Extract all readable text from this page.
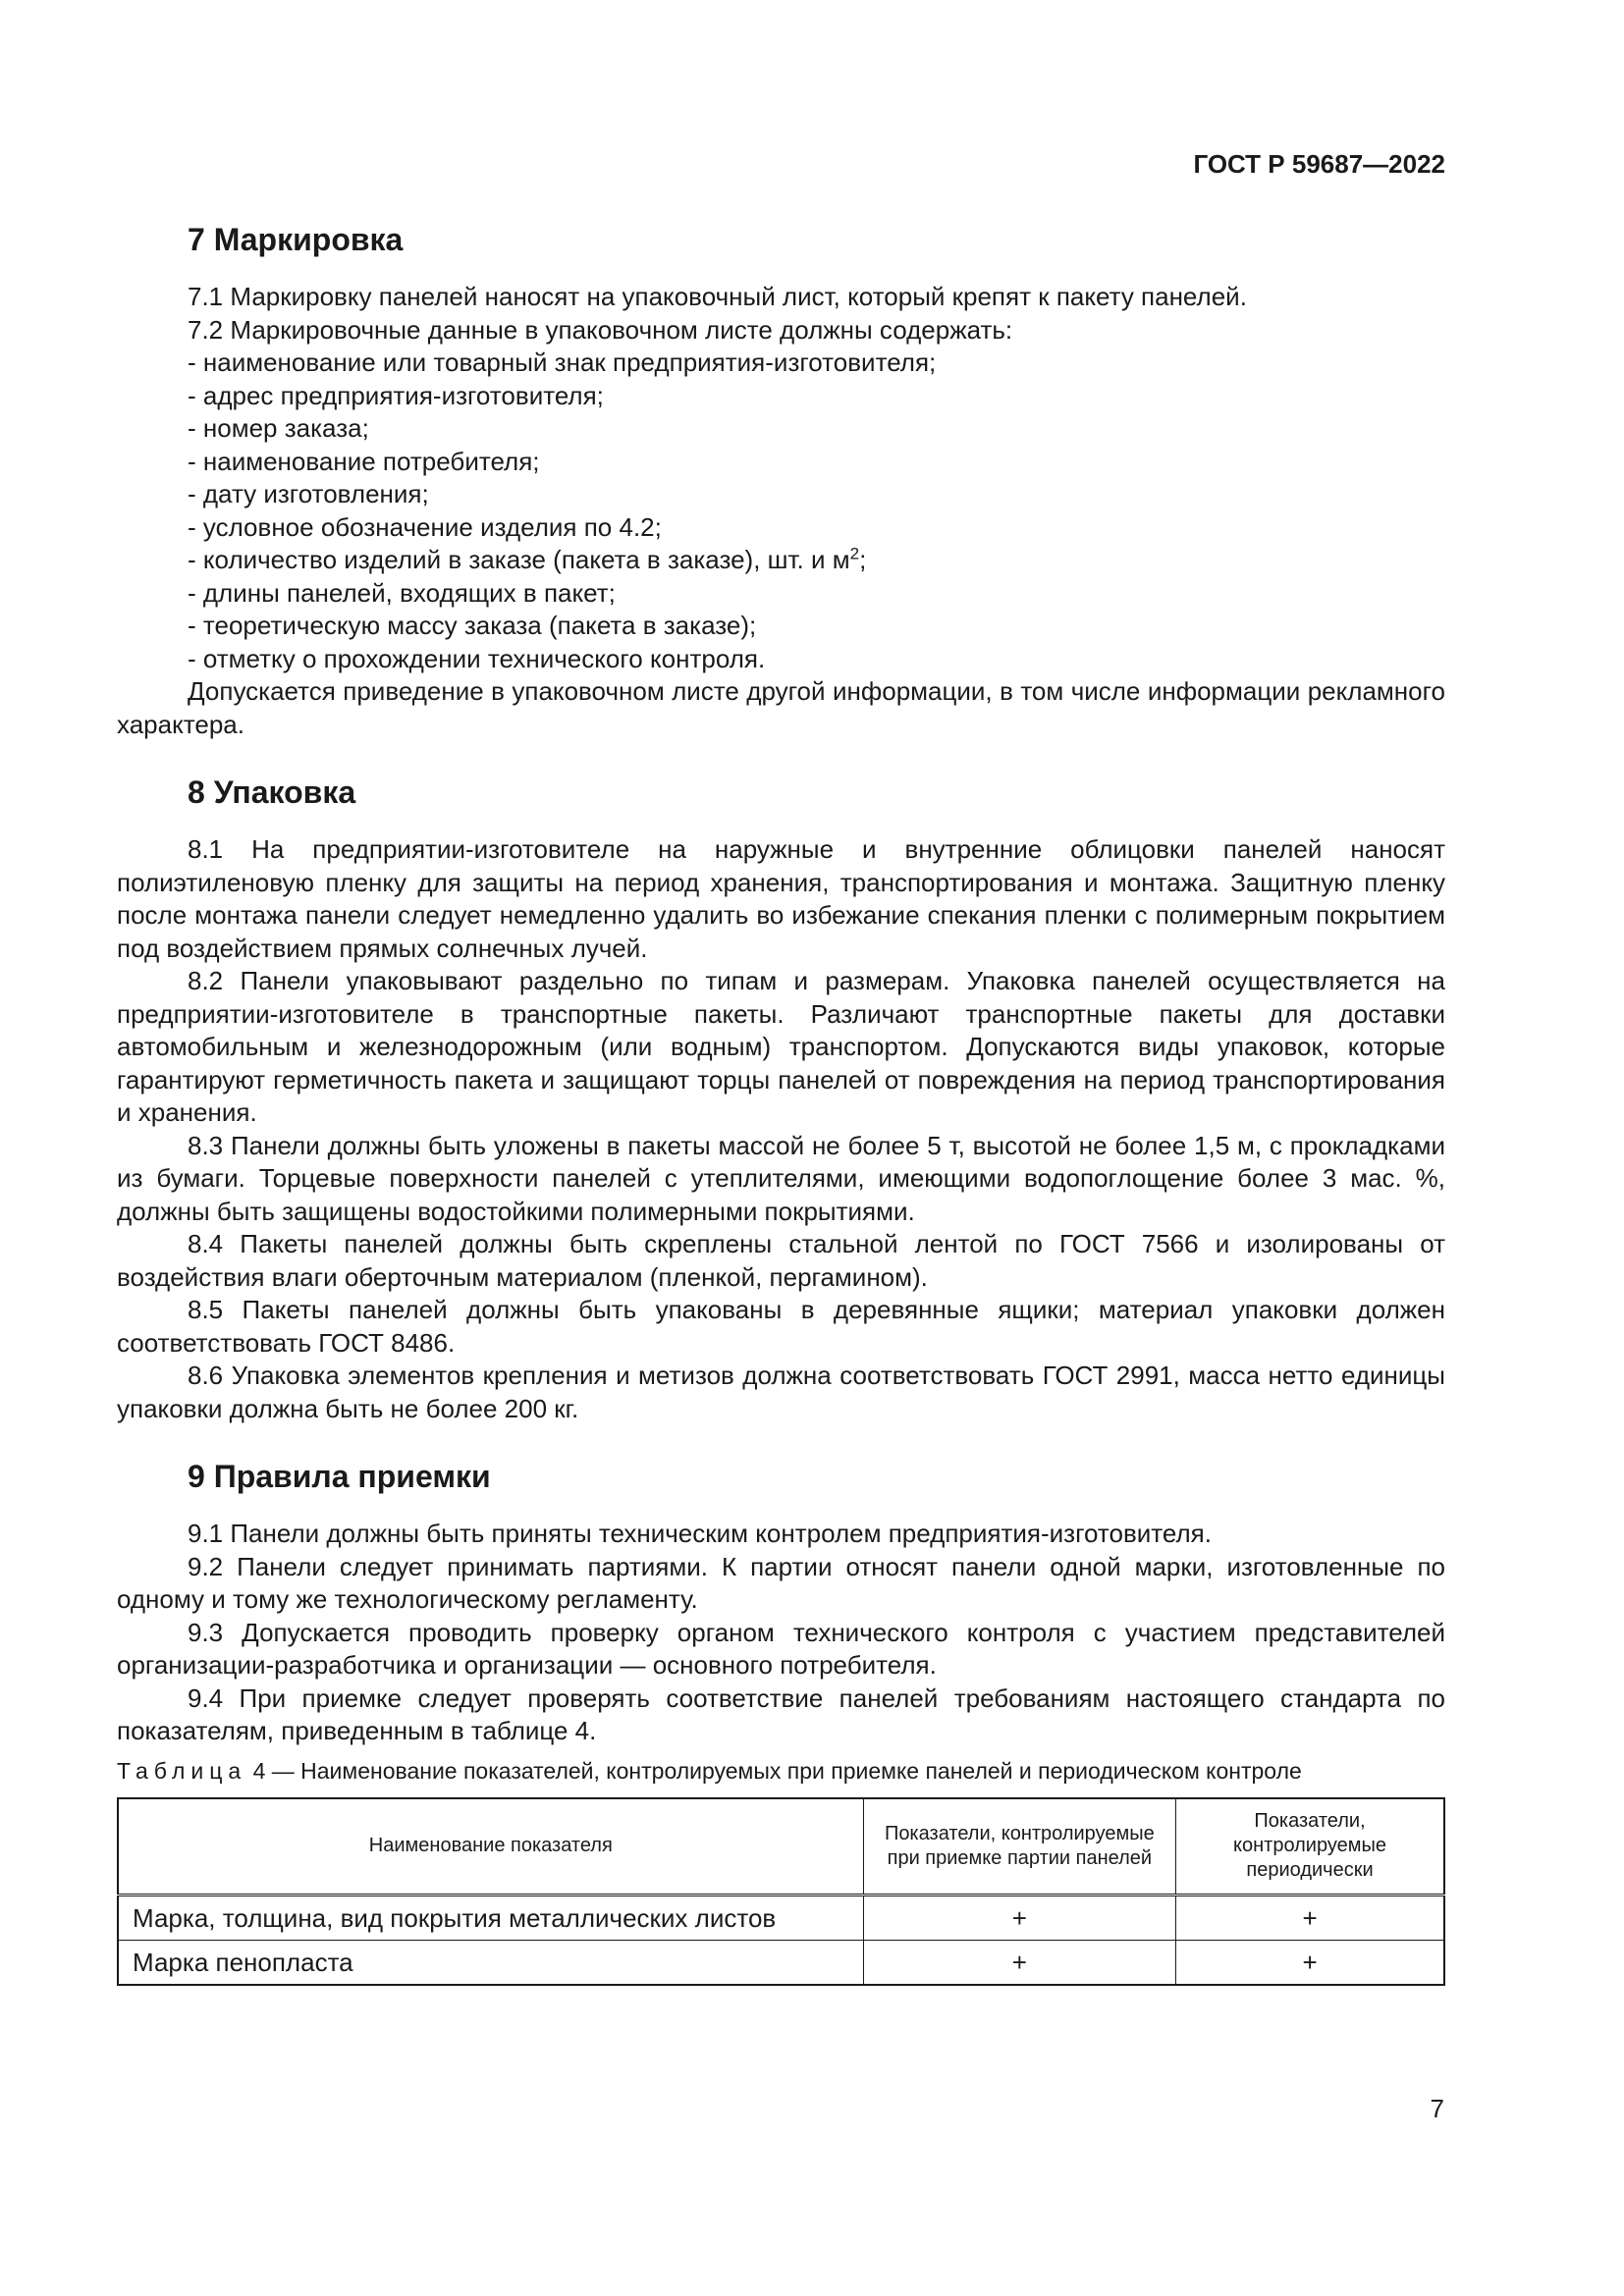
ГОСТ Р 59687—2022
7 Маркировка

7.1 Маркировку панелей наносят на упаковочный лист, который крепят к пакету панелей.

7.2 Маркировочные данные в упаковочном листе должны содержать:

- наименование или товарный знак предприятия-изготовителя;

- адрес предприятия-изготовителя;

- номер заказа;

- наименование потребителя;

- дату изготовления;

- условное обозначение изделия по 4.2;

- количество изделий в заказе (пакета в заказе), шт. и $м^2$;

- длины панелей, входящих в пакет;

- теоретическую массу заказа (пакета в заказе);

- отметку о прохождении технического контроля.

Допускается приведение в упаковочном листе другой информации, в том числе информации рекламного характера.

8 Упаковка

8.1 На предприятии-изготовителе на наружные и внутренние облицовки панелей наносят полиэтиленовую пленку для защиты на период хранения, транспортирования и монтажа. Защитную пленку после монтажа панели следует немедленно удалить во избежание спекания пленки с полимерным покрытием под воздействием прямых солнечных лучей.

8.2 Панели упаковывают раздельно по типам и размерам. Упаковка панелей осуществляется на предприятии-изготовителе в транспортные пакеты. Различают транспортные пакеты для доставки автомобильным и железнодорожным (или водным) транспортом. Допускаются виды упаковок, которые гарантируют герметичность пакета и защищают торцы панелей от повреждения на период транспортирования и хранения.

8.3 Панели должны быть уложены в пакеты массой не более 5 т, высотой не более 1,5 м, с прокладками из бумаги. Торцевые поверхности панелей с утеплителями, имеющими водопоглощение более 3 мас. %, должны быть защищены водостойкими полимерными покрытиями.

8.4 Пакеты панелей должны быть скреплены стальной лентой по ГОСТ 7566 и изолированы от воздействия влаги оберточным материалом (пленкой, пергамином).

8.5 Пакеты панелей должны быть упакованы в деревянные ящики; материал упаковки должен соответствовать ГОСТ 8486.

8.6 Упаковка элементов крепления и метизов должна соответствовать ГОСТ 2991, масса нетто единицы упаковки должна быть не более 200 кг.

9 Правила приемки

9.1 Панели должны быть приняты техническим контролем предприятия-изготовителя.

9.2 Панели следует принимать партиями. К партии относят панели одной марки, изготовленные по одному и тому же технологическому регламенту.

9.3 Допускается проводить проверку органом технического контроля с участием представителей организации-разработчика и организации — основного потребителя.

9.4 При приемке следует проверять соответствие панелей требованиям настоящего стандарта по показателям, приведенным в таблице 4.

Таблица 4 — Наименование показателей, контролируемых при приемке панелей и периодическом контроле
Наименование показателя	Показатели, контролируемые при приемке партии панелей	Показатели, контролируемые периодически
Марка, толщина, вид покрытия металлических листов	+	+
Марка пенопласта	+	+
7
